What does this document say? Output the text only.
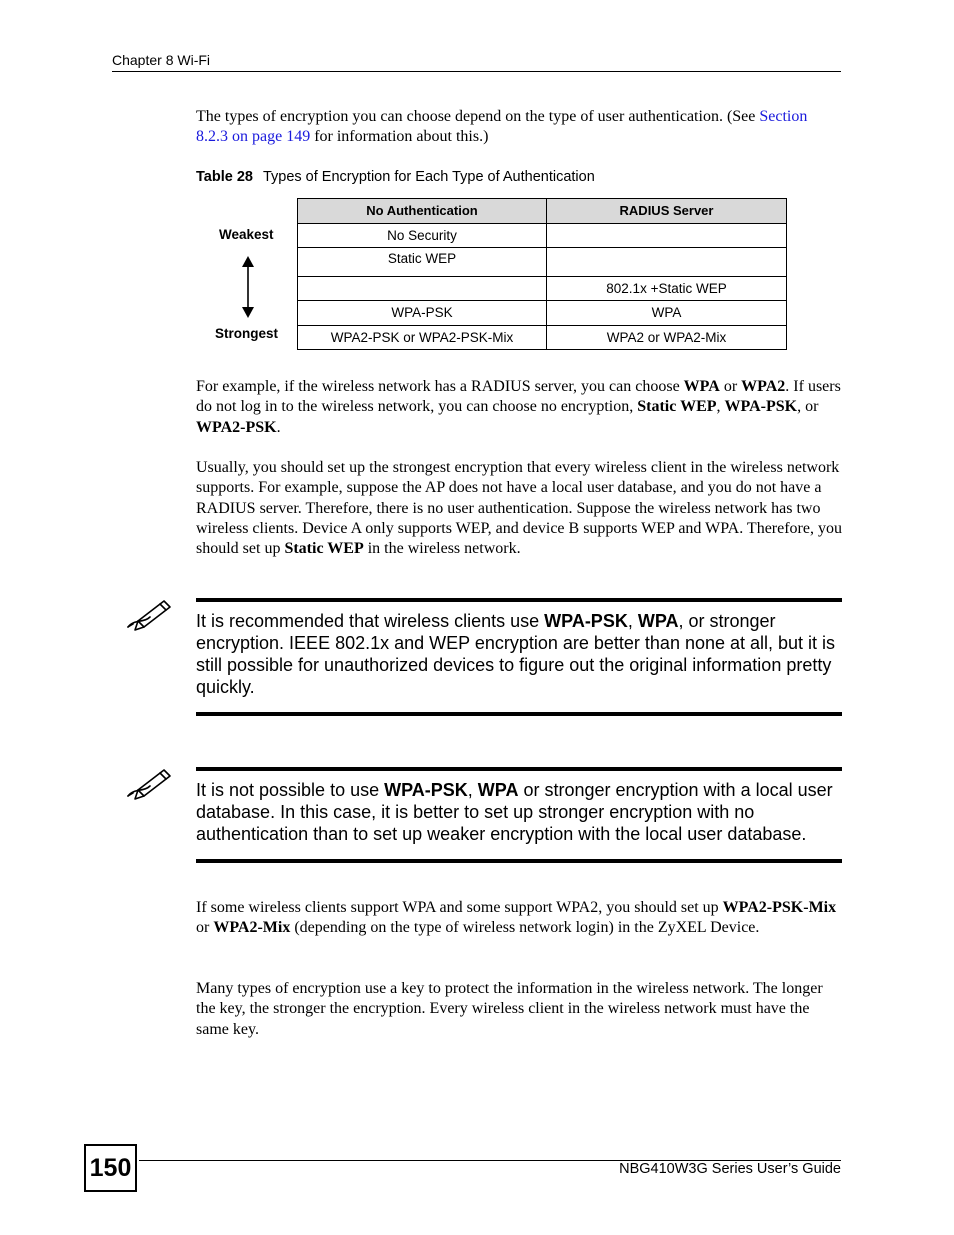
Chapter 8 Wi-Fi
The types of encryption you can choose depend on the type of user authentication. (See Section 8.2.3 on page 149 for information about this.)
Table 28 Types of Encryption for Each Type of Authentication
Weakest
Strongest
No Authentication	RADIUS Server
No Security	
Static WEP	
	802.1x +Static WEP
WPA-PSK	WPA
WPA2-PSK or WPA2-PSK-Mix	WPA2 or WPA2-Mix
For example, if the wireless network has a RADIUS server, you can choose WPA or WPA2. If users do not log in to the wireless network, you can choose no encryption, Static WEP, WPA-PSK, or WPA2-PSK.
Usually, you should set up the strongest encryption that every wireless client in the wireless network supports. For example, suppose the AP does not have a local user database, and you do not have a RADIUS server. Therefore, there is no user authentication. Suppose the wireless network has two wireless clients. Device A only supports WEP, and device B supports WEP and WPA. Therefore, you should set up Static WEP in the wireless network.
It is recommended that wireless clients use WPA-PSK, WPA, or stronger encryption. IEEE 802.1x and WEP encryption are better than none at all, but it is still possible for unauthorized devices to figure out the original information pretty quickly.
It is not possible to use WPA-PSK, WPA or stronger encryption with a local user database. In this case, it is better to set up stronger encryption with no authentication than to set up weaker encryption with the local user database.
If some wireless clients support WPA and some support WPA2, you should set up WPA2-PSK-Mix or WPA2-Mix (depending on the type of wireless network login) in the ZyXEL Device.
Many types of encryption use a key to protect the information in the wireless network. The longer the key, the stronger the encryption. Every wireless client in the wireless network must have the same key.
150	NBG410W3G Series User’s Guide
